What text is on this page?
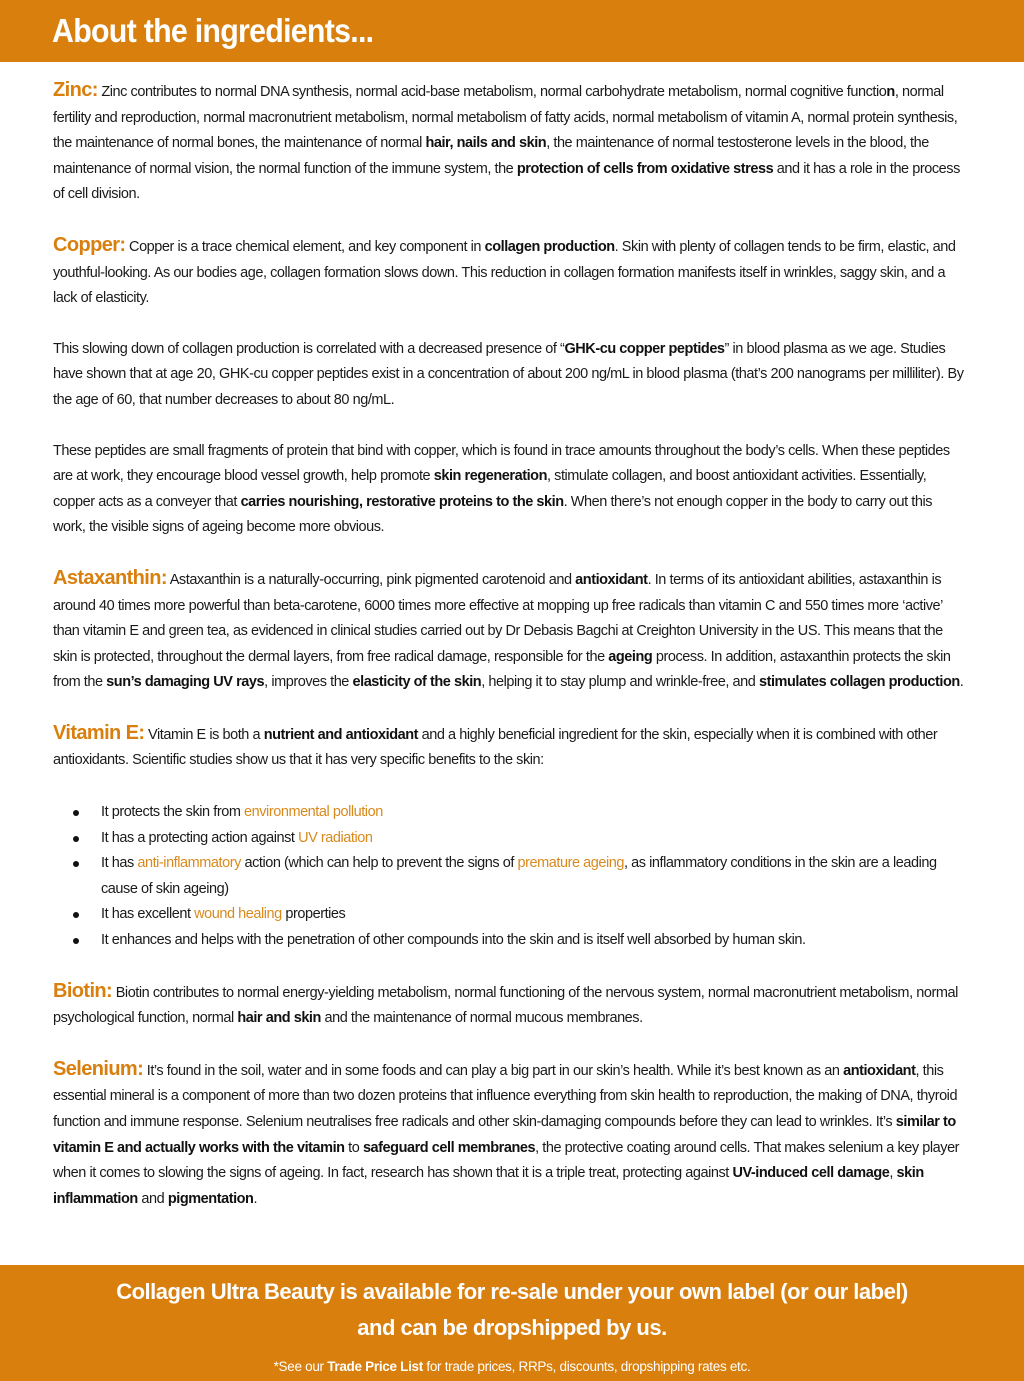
About the ingredients...

Zinc: Zinc contributes to normal DNA synthesis, normal acid-base metabolism, normal carbohydrate metabolism, normal cognitive function, normal fertility and reproduction, normal macronutrient metabolism, normal metabolism of fatty acids, normal metabolism of vitamin A, normal protein synthesis, the maintenance of normal bones, the maintenance of normal hair, nails and skin, the maintenance of normal testosterone levels in the blood, the maintenance of normal vision, the normal function of the immune system, the protection of cells from oxidative stress and it has a role in the process of cell division.

Copper: Copper is a trace chemical element, and key component in collagen production. Skin with plenty of collagen tends to be firm, elastic, and youthful-looking. As our bodies age, collagen formation slows down. This reduction in collagen formation manifests itself in wrinkles, saggy skin, and a lack of elasticity.

This slowing down of collagen production is correlated with a decreased presence of “GHK-cu copper peptides” in blood plasma as we age. Studies have shown that at age 20, GHK-cu copper peptides exist in a concentration of about 200 ng/mL in blood plasma (that’s 200 nanograms per milliliter). By the age of 60, that number decreases to about 80 ng/mL.

These peptides are small fragments of protein that bind with copper, which is found in trace amounts throughout the body’s cells. When these peptides are at work, they encourage blood vessel growth, help promote skin regeneration, stimulate collagen, and boost antioxidant activities. Essentially, copper acts as a conveyer that carries nourishing, restorative proteins to the skin. When there’s not enough copper in the body to carry out this work, the visible signs of ageing become more obvious.

Astaxanthin: Astaxanthin is a naturally-occurring, pink pigmented carotenoid and antioxidant. In terms of its antioxidant abilities, astaxanthin is around 40 times more powerful than beta-carotene, 6000 times more effective at mopping up free radicals than vitamin C and 550 times more ‘active’ than vitamin E and green tea, as evidenced in clinical studies carried out by Dr Debasis Bagchi at Creighton University in the US. This means that the skin is protected, throughout the dermal layers, from free radical damage, responsible for the ageing process. In addition, astaxanthin protects the skin from the sun’s damaging UV rays, improves the elasticity of the skin, helping it to stay plump and wrinkle-free, and stimulates collagen production.

Vitamin E: Vitamin E is both a nutrient and antioxidant and a highly beneficial ingredient for the skin, especially when it is combined with other antioxidants. Scientific studies show us that it has very specific benefits to the skin:

It protects the skin from environmental pollution
It has a protecting action against UV radiation
It has anti-inflammatory action (which can help to prevent the signs of premature ageing, as inflammatory conditions in the skin are a leading cause of skin ageing)
It has excellent wound healing properties
It enhances and helps with the penetration of other compounds into the skin and is itself well absorbed by human skin.

Biotin: Biotin contributes to normal energy-yielding metabolism, normal functioning of the nervous system, normal macronutrient metabolism, normal psychological function, normal hair and skin and the maintenance of normal mucous membranes.

Selenium: It’s found in the soil, water and in some foods and can play a big part in our skin’s health. While it’s best known as an antioxidant, this essential mineral is a component of more than two dozen proteins that influence everything from skin health to reproduction, the making of DNA, thyroid function and immune response. Selenium neutralises free radicals and other skin-damaging compounds before they can lead to wrinkles. It’s similar to vitamin E and actually works with the vitamin to safeguard cell membranes, the protective coating around cells. That makes selenium a key player when it comes to slowing the signs of ageing. In fact, research has shown that it is a triple treat, protecting against UV-induced cell damage, skin inflammation and pigmentation.

Collagen Ultra Beauty is available for re-sale under your own label (or our label)
and can be dropshipped by us.
*See our Trade Price List for trade prices, RRPs, discounts, dropshipping rates etc.
